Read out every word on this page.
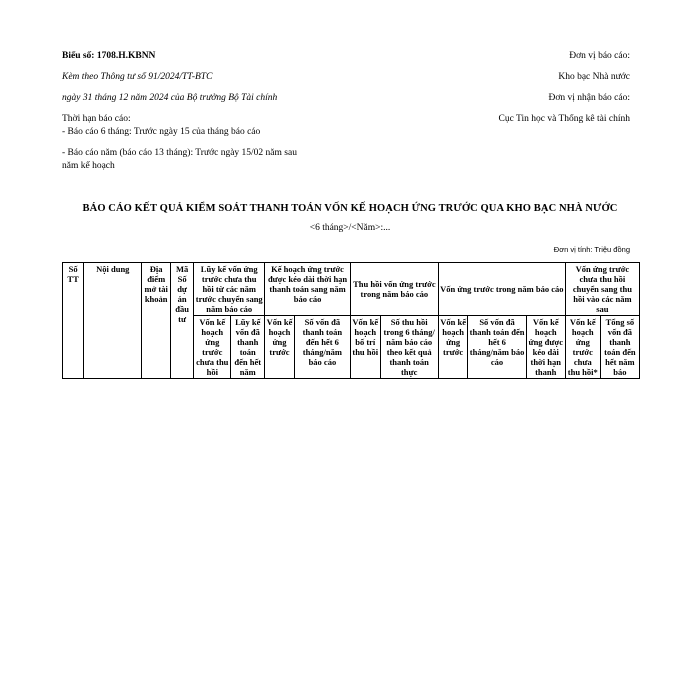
Biểu số: 1708.H.KBNN

Kèm theo Thông tư số 91/2024/TT-BTC

ngày 31 tháng 12 năm 2024 của Bộ trưởng Bộ Tài chính

Thời hạn báo cáo:

- Báo cáo 6 tháng: Trước ngày 15 của tháng báo cáo

- Báo cáo năm (báo cáo 13 tháng): Trước ngày 15/02 năm sau

năm kế hoạch

Đơn vị báo cáo:

Kho bạc Nhà nước

Đơn vị nhận báo cáo:

Cục Tin học và Thống kê tài chính

BÁO CÁO KẾT QUẢ KIỂM SOÁT THANH TOÁN VỐN KẾ HOẠCH ỨNG TRƯỚC QUA KHO BẠC NHÀ NƯỚC
<6 tháng>/<Năm>:...
Đơn vị tính: Triệu đồng
Số TT	Nội dung	Địa điểm mở tài khoản	Mã Số dự án đầu tư	Lũy kế vốn ứng trước chưa thu hồi từ các năm trước chuyển sang năm báo cáo		Kế hoạch ứng trước được kéo dài thời hạn thanh toán sang năm báo cáo		Thu hồi vốn ứng trước trong năm báo cáo		Vốn ứng trước trong năm báo cáo			Vốn ứng trước chưa thu hồi chuyển sang thu hồi vào các năm sau	
				Vốn kế hoạch ứng trước chưa thu hồi	Lũy kế vốn đã thanh toán đến hết năm	Vốn kế hoạch ứng trước	Số vốn đã thanh toán đến hết 6 tháng/năm báo cáo	Vốn kế hoạch bố trí thu hồi	Số thu hồi trong 6 tháng/ năm báo cáo theo kết quả thanh toán thực	Vốn kế hoạch ứng trước	Số vốn đã thanh toán đến hết 6 tháng/năm báo cáo	Vốn kế hoạch ứng được kéo dài thời hạn thanh	Vốn kế hoạch ứng trước chưa thu hồi*	Tổng số vốn đã thanh toán đến hết năm báo
